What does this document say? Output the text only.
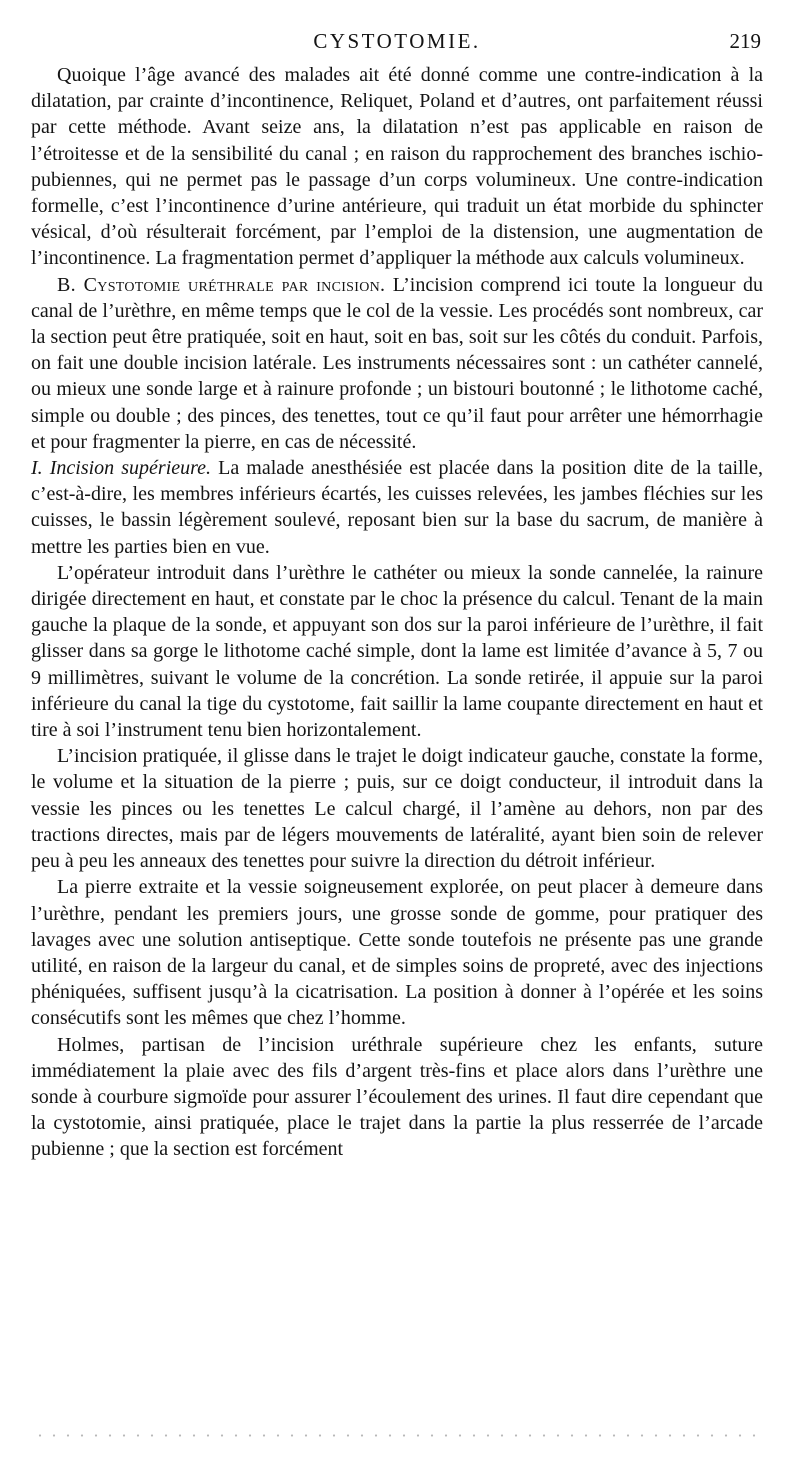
CYSTOTOMIE.	219

Quoique l’âge avancé des malades ait été donné comme une contre-indication à la dilatation, par crainte d’incontinence, Reliquet, Poland et d’autres, ont parfaitement réussi par cette méthode. Avant seize ans, la dilatation n’est pas applicable en raison de l’étroitesse et de la sensibilité du canal ; en raison du rapprochement des branches ischio-pubiennes, qui ne permet pas le passage d’un corps volumineux. Une contre-indication formelle, c’est l’incontinence d’urine antérieure, qui traduit un état morbide du sphincter vésical, d’où résulterait forcément, par l’emploi de la distension, une augmentation de l’incontinence. La fragmentation permet d’appliquer la méthode aux calculs volumineux.

B. Cystotomie uréthrale par incision. L’incision comprend ici toute la longueur du canal de l’urèthre, en même temps que le col de la vessie. Les procédés sont nombreux, car la section peut être pratiquée, soit en haut, soit en bas, soit sur les côtés du conduit. Parfois, on fait une double incision latérale. Les instruments nécessaires sont : un cathéter cannelé, ou mieux une sonde large et à rainure profonde ; un bistouri boutonné ; le lithotome caché, simple ou double ; des pinces, des tenettes, tout ce qu’il faut pour arrêter une hémorrhagie et pour fragmenter la pierre, en cas de nécessité.

I. Incision supérieure. La malade anesthésiée est placée dans la position dite de la taille, c’est-à-dire, les membres inférieurs écartés, les cuisses relevées, les jambes fléchies sur les cuisses, le bassin légèrement soulevé, reposant bien sur la base du sacrum, de manière à mettre les parties bien en vue.

L’opérateur introduit dans l’urèthre le cathéter ou mieux la sonde cannelée, la rainure dirigée directement en haut, et constate par le choc la présence du calcul. Tenant de la main gauche la plaque de la sonde, et appuyant son dos sur la paroi inférieure de l’urèthre, il fait glisser dans sa gorge le lithotome caché simple, dont la lame est limitée d’avance à 5, 7 ou 9 millimètres, suivant le volume de la concrétion. La sonde retirée, il appuie sur la paroi inférieure du canal la tige du cystotome, fait saillir la lame coupante directement en haut et tire à soi l’instrument tenu bien horizontalement.

L’incision pratiquée, il glisse dans le trajet le doigt indicateur gauche, constate la forme, le volume et la situation de la pierre ; puis, sur ce doigt conducteur, il introduit dans la vessie les pinces ou les tenettes Le calcul chargé, il l’amène au dehors, non par des tractions directes, mais par de légers mouvements de latéralité, ayant bien soin de relever peu à peu les anneaux des tenettes pour suivre la direction du détroit inférieur.

La pierre extraite et la vessie soigneusement explorée, on peut placer à demeure dans l’urèthre, pendant les premiers jours, une grosse sonde de gomme, pour pratiquer des lavages avec une solution antiseptique. Cette sonde toutefois ne présente pas une grande utilité, en raison de la largeur du canal, et de simples soins de propreté, avec des injections phéniquées, suffisent jusqu’à la cicatrisation. La position à donner à l’opérée et les soins consécutifs sont les mêmes que chez l’homme.

Holmes, partisan de l’incision uréthrale supérieure chez les enfants, suture immédiatement la plaie avec des fils d’argent très-fins et place alors dans l’urèthre une sonde à courbure sigmoïde pour assurer l’écoulement des urines. Il faut dire cependant que la cystotomie, ainsi pratiquée, place le trajet dans la partie la plus resserrée de l’arcade pubienne ; que la section est forcément
